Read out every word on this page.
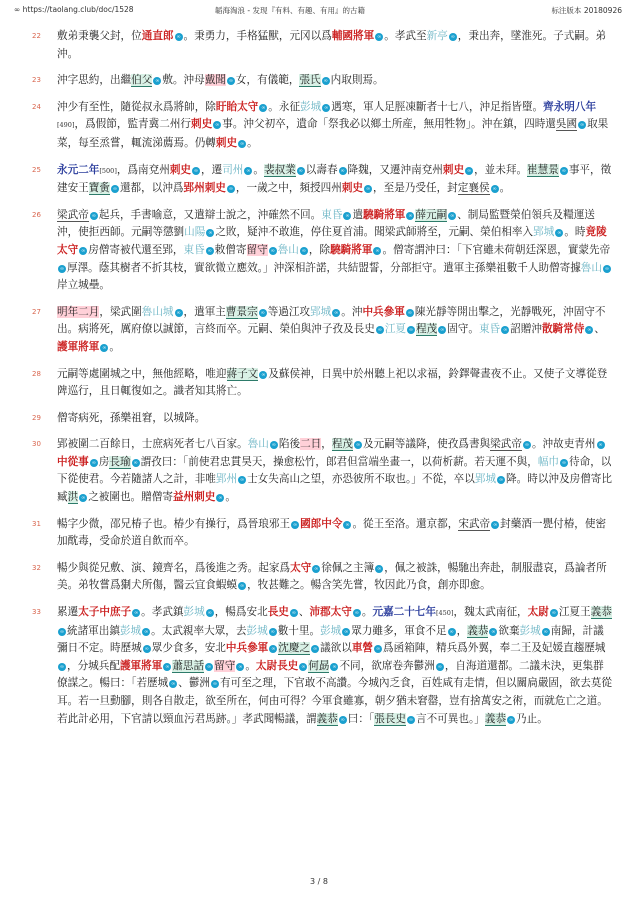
∞ https://taolang.club/doc/1528	韜海淘浪 - 发现『有料、有趣、有用』的古籍	标注版本 20180926
22 敷弟秉襲父封，位通直郎 ∞ 。秉勇力，手格猛獸，元冈以爲輔國將軍 ∞ 。孝武至新亭 ∞ ，秉出奔，墜淮死。子式嗣。弟沖。
23 沖字思約，出繼伯父 ∞ 敷。沖母戴聞 ∞ 女，有儀範，張氏 ∞ 内取則焉。
24 沖少有至性，隨從叔永爲將帥，除盱眙太守 ∞ 。永征彭城 ∞ 遇寒，軍人足脛凍斷者十七八，沖足指皆墮。齊永明八年[490]，爲假節，監青冀二州行刺史 ∞ 事。沖父初卒，遺命「祭我必以鄉土所産，無用牲物」。沖在鎮，四時還吳國 ∞ 取果菜，每至烝嘗，輒流涕薦焉。仍轉刺史 ∞ 。
25 永元二年[500]，爲南兗州刺史 ∞ ，遷司州 ∞ 。裴叔業 ∞ 以壽春 ∞ 降魏，又遷沖南兗州刺史 ∞ ，並未拜。崔慧景 ∞ 事平，徵建安王寶夤 ∞ 還都，以沖爲郢州刺史 ∞ ，一歲之中，頻授四州刺史 ∞ ，至是乃受任，封定襄侯 ∞ 。
26 梁武帝 ∞ 起兵，手書喻意，又遣辯士說之，沖確然不回。東昏 ∞ 遣驍騎將軍 ∞ 薛元嗣 ∞ 、制局監暨榮伯領兵及糧運送沖，使拒西師。元嗣等懲劉山陽 ∞ 之敗，疑沖不敢進，停住夏首浦。聞梁武師將至，元嗣、榮伯相率入郢城 ∞ 。時竟陵太守 ∞ 房僧寄被代還至郢，東昏 ∞ 敕僧寄留守 ∞ 魯山 ∞ ，除驍騎將軍 ∞ 。僧寄謂沖曰：「下官雖未荷朝廷深恩，實蒙先帝∞ 厚澤。蔭其樹者不折其枝，實欲微立應效。」沖深相許諾，共結盟誓，分部拒守。遣軍主孫樂祖數千人助僧寄據魯山 ∞岸立城壘。
27 明年二月，梁武圍魯山城 ∞ ，遣軍主曹景宗 ∞ 等過江攻郢城 ∞ 。沖中兵參軍 ∞ 陳光靜等開出擊之，光靜戰死，沖固守不出。病將死，厲府僚以誠節，言終而卒。元嗣、榮伯與沖子孜及長史 ∞ 江夏 ∞ 程茂 ∞ 固守。東昏 ∞ 詔贈沖散騎常侍 ∞ 、護軍將軍 ∞ 。
28 元嗣等處圍城之中，無他經略，唯迎蔣子文 ∞ 及蘇侯神，日異中於州聽上祀以求福，鈴鐸聲晝夜不止。又使子文導從登陴巡行，且日輒復如之。識者知其將亡。
29 僧寄病死，孫樂祖窘，以城降。
30 郢被圍二百餘日，士庶病死者七八百家。魯山 ∞ 陷後二日，程茂 ∞ 及元嗣等議降，使孜爲書與梁武帝 ∞ 。沖故吏青州 ∞中從事 ∞ 房長瑜 ∞ 謂孜曰：「前使君忠貫昊天，操愈松竹，郎君但當端坐畫一，以荷析薪。若天運不與，幅巾 ∞ 待命，以下從使君。今若隨諸人之計，非唯郢州 ∞ 士女失高山之望，亦恐彼所不取也。」不從，卒以郢城 ∞ 降。時以沖及房僧寄比臧洪 ∞ 之被圍也。贈僧寄益州刺史 ∞ 。
31 暢字少微，邵兄椿子也。椿少有操行，爲晉琅邪王 ∞ 國郎中令 ∞ 。從王至洛。還京都，宋武帝 ∞ 封藥酒一甖付椿，使密加酖毒，受命於道自飲而卒。
32 暢少與從兄敷、演、鏡齊名，爲後進之秀。起家爲太守 ∞ 徐佩之主簿 ∞ ，佩之被誅，暢馳出奔赴，制服盡哀，爲論者所美。弟牧嘗爲猘犬所傷，醫云宜食蝦蟆 ∞ ，牧甚難之。暢含笑先嘗，牧因此乃食，創亦即愈。
33 累遷太子中庶子 ∞ 。孝武鎮彭城 ∞ ，暢爲安北長史 ∞ 、沛郡太守 ∞ 。元嘉二十七年[450]，魏太武南征，太尉 ∞ 江夏王義恭∞ 統諸軍出鎮彭城 ∞ 。太武親率大眾，去彭城 ∞ 數十里。彭城 ∞ 眾力雖多，軍食不足 ∞ ，義恭 ∞ 欲棄彭城 ∞ 南歸，計議彌日不定。時歷城 ∞ 眾少食多，安北中兵參軍 ∞ 沈慶之 ∞ 議欲以車營 ∞ 爲函箱陣，精兵爲外翼，奉二王及妃媛直趨歷城∞ ，分城兵配護軍將軍 ∞ 蕭思話 ∞ 留守 ∞ 。太尉長史 ∞ 何勗 ∞ 不同，欲席卷奔鬱洲 ∞ ，自海道還都。二議未決，更集群僚謀之。暢曰：「若歷城 ∞ 、鬱洲 ∞ 有可至之理，下官敢不高讚。今城內乏食，百姓咸有走情，但以關扃嚴固，欲去莫從耳。若一旦動腳，則各自散走，欲至所在，何由可得？今軍食雖寡，朝夕猶未窘罄，豈有捨萬安之術，而就危亡之道。若此計必用，下官請以頸血污君馬跡。」孝武聞暢議，謂義恭 ∞ 曰：「張長史 ∞ 言不可異也。」義恭 ∞ 乃止。
3 / 8
